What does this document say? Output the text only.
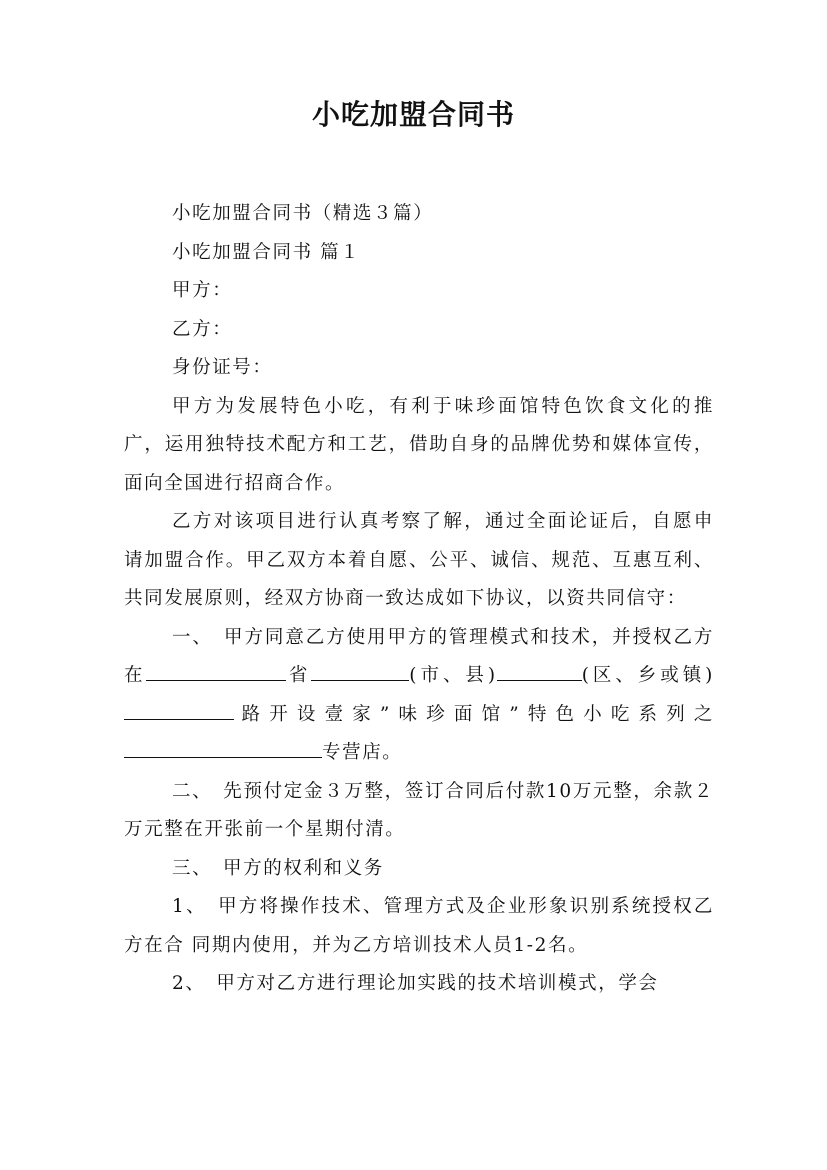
小吃加盟合同书

小吃加盟合同书（精选３篇）

小吃加盟合同书 篇１

甲方：

乙方：

身份证号：

甲方为发展特色小吃，有利于味珍面馆特色饮食文化的推广，运用独特技术配方和工艺，借助自身的品牌优势和媒体宣传，面向全国进行招商合作。

乙方对该项目进行认真考察了解，通过全面论证后，自愿申请加盟合作。甲乙双方本着自愿、公平、诚信、规范、互惠互利、共同发展原则，经双方协商一致达成如下协议，以资共同信守：

一、　甲方同意乙方使用甲方的管理模式和技术，并授权乙方在	省	(市、县)	(区、乡或镇)路开设壹家”味珍面馆”特色小吃系列之专营店。

二、　先预付定金３万整，签订合同后付款10万元整，余款２万元整在开张前一个星期付清。

三、　甲方的权利和义务

1、　甲方将操作技术、管理方式及企业形象识别系统授权乙方在合 同期内使用，并为乙方培训技术人员1-2名。

2、　甲方对乙方进行理论加实践的技术培训模式，学会
